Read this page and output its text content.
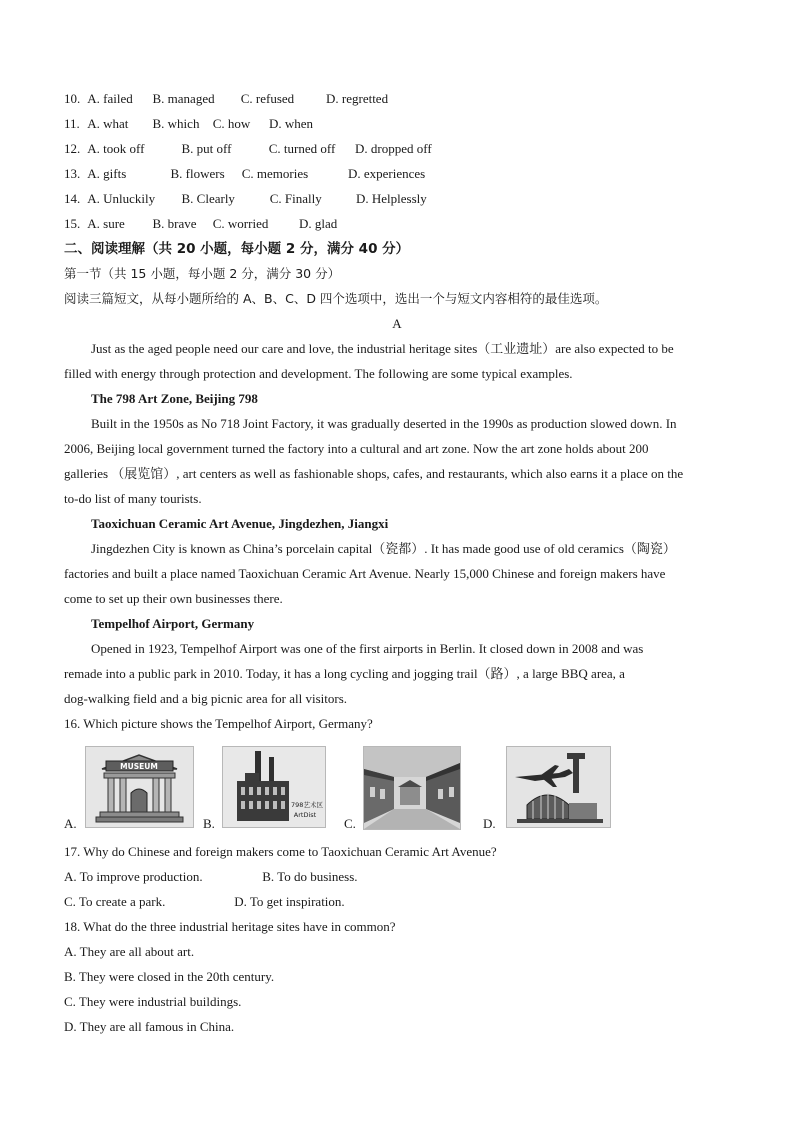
10. A. failed B. managed C. refused D. regretted
11. A. what B. which C. how D. when
12. A. took off	B. put off	C. turned off D. dropped off
13. A. gifts	B. flowers C. memories	D. experiences
14. A. Unluckily B. Clearly	C. Finally	D. Helplessly
15. A. sure B. brave C. worried D. glad
二、阅读理解（共 20 小题，每小题 2 分，满分 40 分）
第一节（共 15 小题，每小题 2 分，满分 30 分）
阅读三篇短文，从每小题所给的 A、B、C、D 四个选项中，选出一个与短文内容相符的最佳选项。
A
Just as the aged people need our care and love, the industrial heritage sites（工业遗址）are also expected to be
filled with energy through protection and development. The following are some typical examples.
The 798 Art Zone, Beijing 798
Built in the 1950s as No 718 Joint Factory, it was gradually deserted in the 1990s as production slowed down. In
2006, Beijing local government turned the factory into a cultural and art zone. Now the art zone holds about 200
galleries （展览馆）, art centers as well as fashionable shops, cafes, and restaurants, which also earns it a place on the
to-do list of many tourists.
Taoxichuan Ceramic Art Avenue, Jingdezhen, Jiangxi
Jingdezhen City is known as China’s porcelain capital（瓷都）. It has made good use of old ceramics（陶瓷）
factories and built a place named Taoxichuan Ceramic Art Avenue. Nearly 15,000 Chinese and foreign makers have
come to set up their own businesses there.
Tempelhof Airport, Germany
Opened in 1923, Tempelhof Airport was one of the first airports in Berlin. It closed down in 2008 and was
remade into a public park in 2010. Today, it has a long cycling and jogging trail（路）, a large BBQ area, a
dog-walking field and a big picnic area for all visitors.
16. Which picture shows the Tempelhof Airport, Germany?
A.
MUSEUM
B.
798艺术区
ArtDist
C.	D.
17. Why do Chinese and foreign makers come to Taoxichuan Ceramic Art Avenue?
A. To improve production.	B. To do business.
C. To create a park.	D. To get inspiration.
18. What do the three industrial heritage sites have in common?
A. They are all about art.
B. They were closed in the 20th century.
C. They were industrial buildings.
D. They are all famous in China.
